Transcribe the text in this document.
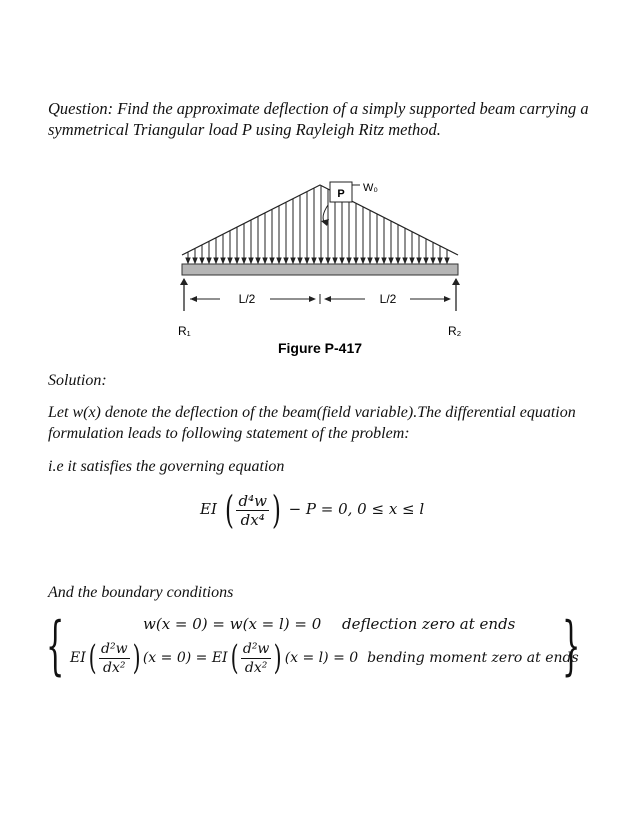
Question: Find the approximate deflection of a simply supported beam carrying a symmetrical Triangular load P using Rayleigh Ritz method.
L/2	L/2
P W₀
R₁	R₂
Figure P-417
Solution:
Let w(x) denote the deflection of the beam(field variable).The differential equation formulation leads to following statement of the problem:
i.e it satisfies the governing equation
EI ( $\frac{\text{d⁴w}}{\text{dx⁴}}$ ) − P = 0, 0 ≤ x ≤ l
And the boundary conditions
{	}
w(x = 0) = w(x = l) = 0 deflection zero at ends
$EI( \frac{\text{d²w}}{\text{dx²}}$ ) $(x = 0) = EI( \frac{\text{d²w}}{\text{dx²}}$ ) (x = l) = 0 bending moment zero at ends
